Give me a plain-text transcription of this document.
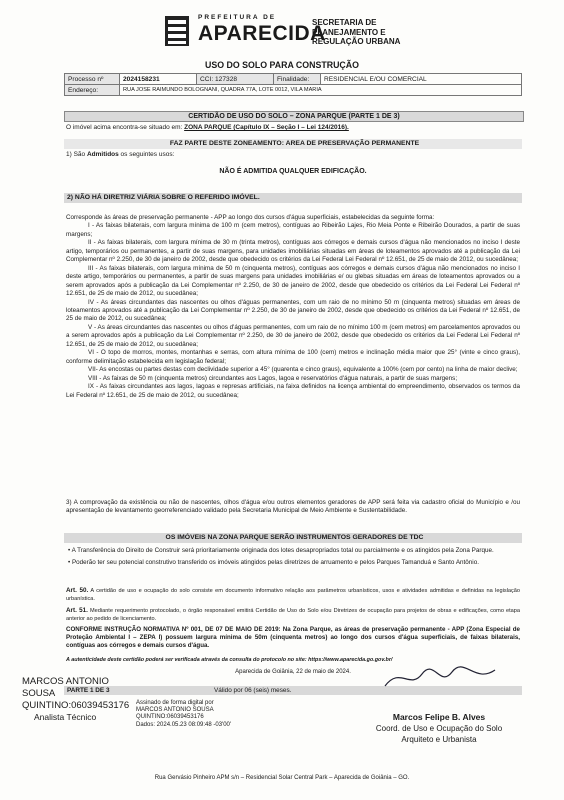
PREFEITURA DE
APARECIDA
SECRETARIA DE
PLANEJAMENTO E
REGULAÇÃO URBANA
USO DO SOLO PARA CONSTRUÇÃO
Processo nº	2024158231	CCI: 127328	Finalidade:	RESIDENCIAL E/OU COMERCIAL
Endereço:	RUA JOSE RAIMUNDO BOLOGNANI, QUADRA 77A, LOTE 0012, VILA MARIA			
CERTIDÃO DE USO DO SOLO – ZONA PARQUE (PARTE 1 DE 3)
O imóvel acima encontra-se situado em: ZONA PARQUE (Capítulo IX – Seção I – Lei 124/2016).
FAZ PARTE DESTE ZONEAMENTO: AREA DE PRESERVAÇÃO PERMANENTE
1) São Admitidos os seguintes usos:
NÃO É ADMITIDA QUALQUER EDIFICAÇÃO.
2) NÃO HÁ DIRETRIZ VIÁRIA SOBRE O REFERIDO IMÓVEL.

Corresponde às áreas de preservação permanente - APP ao longo dos cursos d'água superficiais, estabelecidas da seguinte forma:

I - As faixas bilaterais, com largura mínima de 100 m (cem metros), contíguas ao Ribeirão Lajes, Rio Meia Ponte e Ribeirão Dourados, a partir de suas margens;

II - As faixas bilaterais, com largura mínima de 30 m (trinta metros), contíguas aos córregos e demais cursos d'água não mencionados no inciso I deste artigo, temporários ou permanentes, a partir de suas margens, para unidades imobiliárias situadas em áreas de loteamentos aprovados até a publicação da Lei Complementar nº 2.250, de 30 de janeiro de 2002, desde que obedecido os critérios da Lei Federal Lei Federal nº 12.651, de 25 de maio de 2012, ou sucedânea;

III - As faixas bilaterais, com largura mínima de 50 m (cinquenta metros), contíguas aos córregos e demais cursos d'água não mencionados no inciso I deste artigo, temporários ou permanentes, a partir de suas margens para unidades imobiliárias e/ ou glebas situadas em áreas de loteamentos aprovados ou a serem aprovados após a publicação da Lei Complementar nº 2.250, de 30 de janeiro de 2002, desde que obedecido os critérios da Lei Federal Lei Federal nº 12.651, de 25 de maio de 2012, ou sucedânea;

IV - As áreas circundantes das nascentes ou olhos d'águas permanentes, com um raio de no mínimo 50 m (cinquenta metros) situadas em áreas de loteamentos aprovados até a publicação da Lei Complementar nº 2.250, de 30 de janeiro de 2002, desde que obedecido os critérios da Lei Federal nº 12.651, de 25 de maio de 2012, ou sucedânea;

V - As áreas circundantes das nascentes ou olhos d'águas permanentes, com um raio de no mínimo 100 m (cem metros) em parcelamentos aprovados ou a serem aprovados após a publicação da Lei Complementar nº 2.250, de 30 de janeiro de 2002, desde que obedecido os critérios da Lei Federal Lei Federal nº 12.651, de 25 de maio de 2012, ou sucedânea;

VI - O topo de morros, montes, montanhas e serras, com altura mínima de 100 (cem) metros e inclinação média maior que 25° (vinte e cinco graus), conforme delimitação estabelecida em legislação federal;

VII- As encostas ou partes destas com declividade superior a 45° (quarenta e cinco graus), equivalente a 100% (cem por cento) na linha de maior declive;

VIII - As faixas de 50 m (cinquenta metros) circundantes aos Lagos, lagoa e reservatórios d'água naturais, a partir de suas margens;

IX - As faixas circundantes aos lagos, lagoas e represas artificiais, na faixa definidos na licença ambiental do empreendimento, observados os termos da Lei Federal nº 12.651, de 25 de maio de 2012, ou sucedânea;

3) A comprovação da existência ou não de nascentes, olhos d'água e/ou outros elementos geradores de APP será feita via cadastro oficial do Município e /ou apresentação de levantamento georreferenciado validado pela Secretaria Municipal de Meio Ambiente e Sustentabilidade.
OS IMÓVEIS NA ZONA PARQUE SERÃO INSTRUMENTOS GERADORES DE TDC

• A Transferência do Direito de Construir será prioritariamente originada dos lotes desapropriados total ou parcialmente e os atingidos pela Zona Parque.

• Poderão ter seu potencial construtivo transferido os imóveis atingidos pelas diretrizes de arruamento e pelos Parques Tamanduá e Santo Antônio.

Art. 50. A certidão de uso e ocupação do solo consiste em documento informativo relação aos parâmetros urbanísticos, usos e atividades admitidas e definidas na legislação urbanística.
Art. 51. Mediante requerimento protocolado, o órgão responsável emitirá Certidão de Uso do Solo e/ou Diretrizes de ocupação para projetos de obras e edificações, como etapa anterior ao pedido de licenciamento.
CONFORME INSTRUÇÃO NORMATIVA Nº 001, DE 07 DE MAIO DE 2019: Na Zona Parque, as áreas de preservação permanente - APP (Zona Especial de Proteção Ambiental I – ZEPA I) possuem largura mínima de 50m (cinquenta metros) ao longo dos cursos d'água superficiais, de faixas bilaterais, contíguas aos córregos e demais cursos d'água.
A autenticidade deste certidão poderá ser verificada através da consulta do protocolo no site: https://www.aparecida.go.gov.br/
Aparecida de Goiânia, 22 de maio de 2024.
PARTE 1 DE 3	Válido por 06 (seis) meses.
MARCOS ANTONIO
SOUSA
QUINTINO:06039453176
Analista Técnico
Assinado de forma digital por
MARCOS ANTONIO SOUSA
QUINTINO:06039453176
Dados: 2024.05.23 08:09:48 -03'00'
Marcos Felipe B. Alves
Coord. de Uso e Ocupação do Solo
Arquiteto e Urbanista
Rua Gervásio Pinheiro APM s/n – Residencial Solar Central Park – Aparecida de Goiânia – GO.
